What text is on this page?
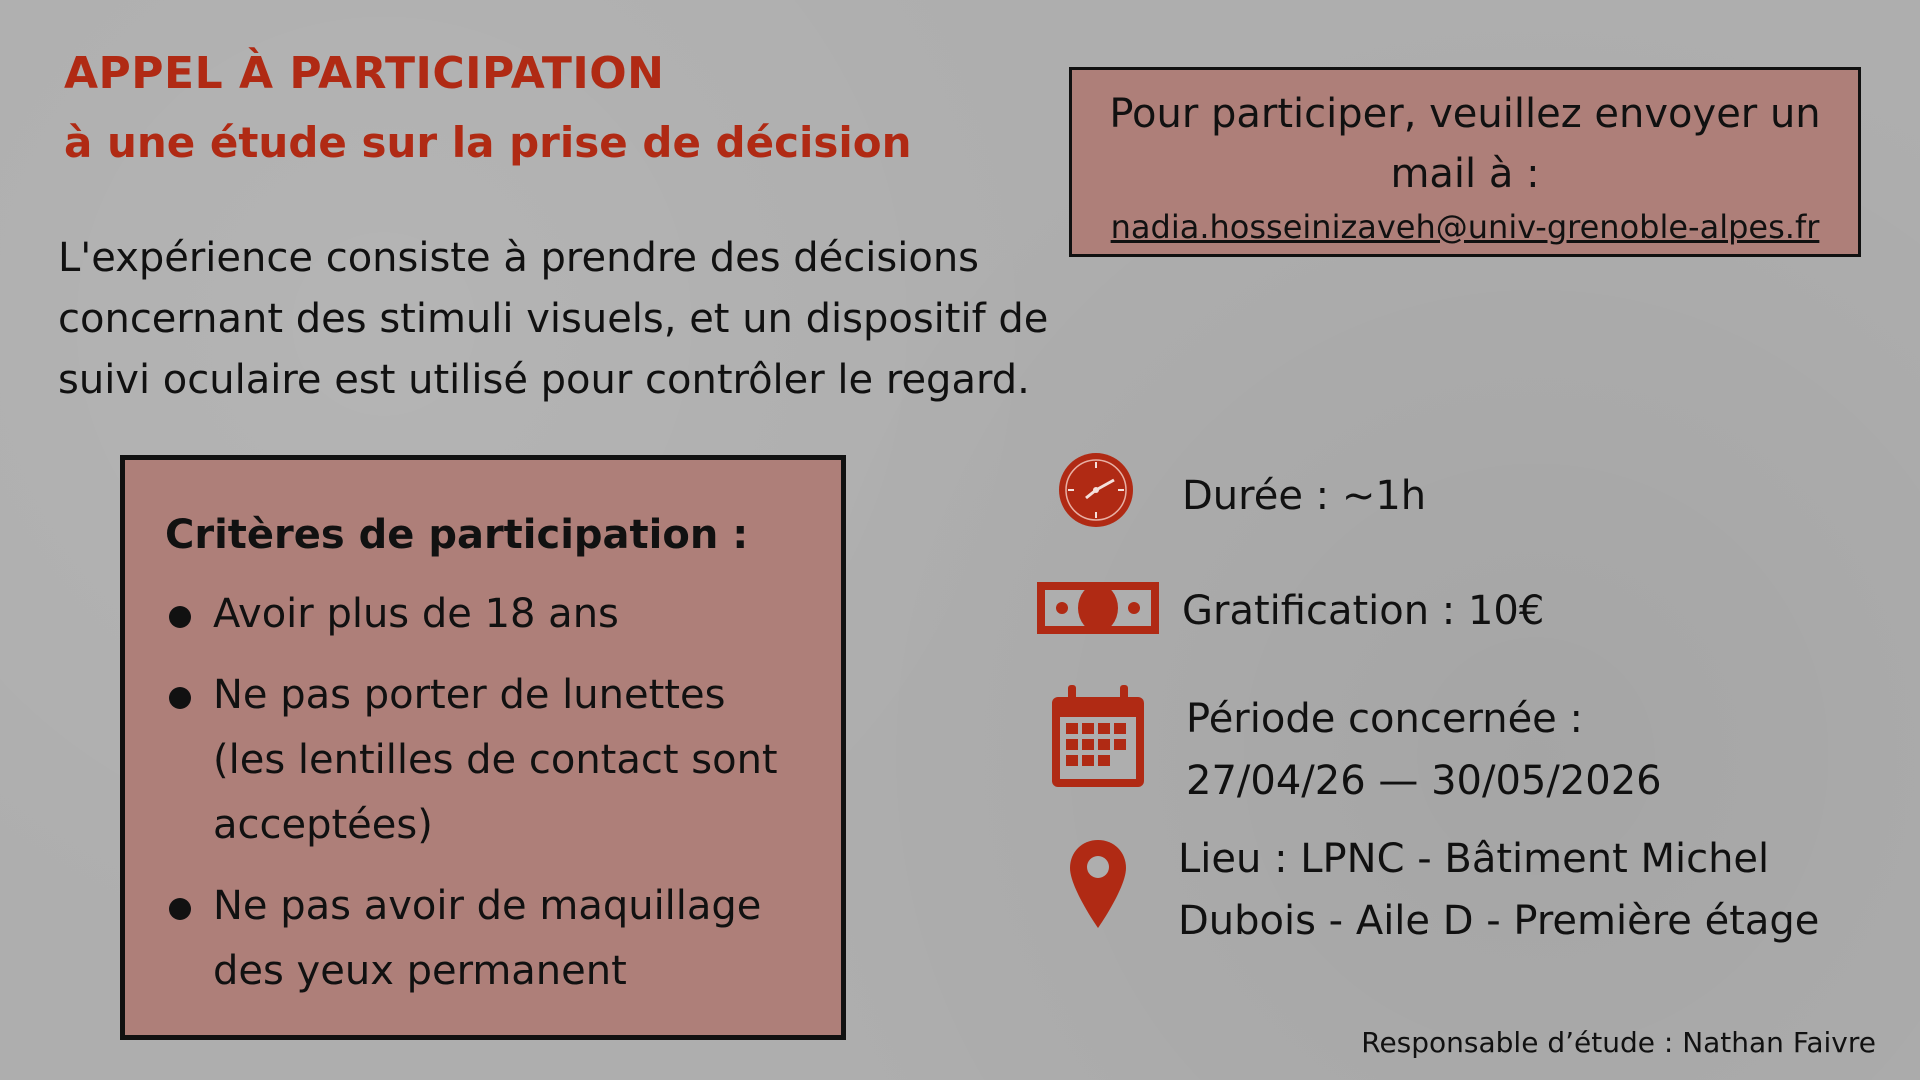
APPEL À PARTICIPATION
à une étude sur la prise de décision
L'expérience consiste à prendre des décisions concernant des stimuli visuels, et un dispositif de suivi oculaire est utilisé pour contrôler le regard.
Pour participer, veuillez envoyer un mail à :
nadia.hosseinizaveh@univ-grenoble-alpes.fr
Critères de participation :
Avoir plus de 18 ans
Ne pas porter de lunettes (les lentilles de contact sont acceptées)
Ne pas avoir de maquillage des yeux permanent
Durée : ~1h
Gratification : 10€
Période concernée :
27/04/26 — 30/05/2026
Lieu : LPNC - Bâtiment Michel Dubois - Aile D - Première étage
Responsable d’étude : Nathan Faivre
